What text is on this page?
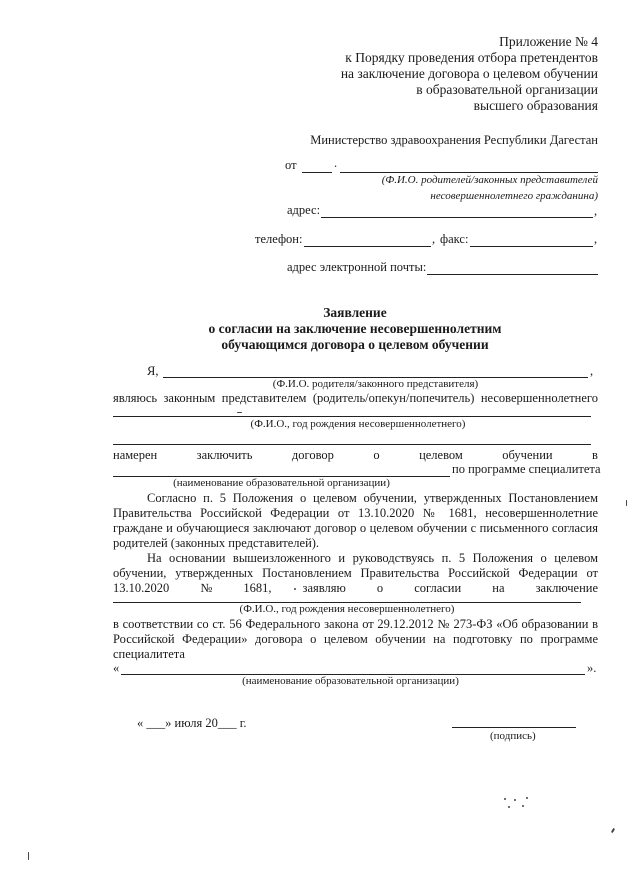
Приложение № 4
к Порядку проведения отбора претендентов
на заключение договора о целевом обучении
в образовательной организации
высшего образования
Министерство здравоохранения Республики Дагестан
от	.
(Ф.И.О. родителей/законных представителей
несовершеннолетнего гражданина)
адрес:	,
телефон:	, факс:	,
адрес электронной почты:
Заявление
о согласии на заключение несовершеннолетним
обучающимся договора о целевом обучении
Я,	,
(Ф.И.О. родителя/законного представителя)
являюсь законным представителем (родитель/опекун/попечитель) несовершеннолетнего
(Ф.И.О., год рождения несовершеннолетнего)
намерен	заключить	договор	о	целевом	обучении	в
по программе специалитета
(наименование образовательной организации)
Согласно п. 5 Положения о целевом обучении, утвержденных Постановлением
Правительства Российской Федерации от 13.10.2020 № 1681, несовершеннолетние
граждане и обучающиеся заключают договор о целевом обучении с письменного согласия
родителей (законных представителей).
На основании вышеизложенного и руководствуясь п. 5 Положения о целевом
обучении, утвержденных Постановлением Правительства Российской Федерации от
13.10.2020 № 1681, заявляю о согласии на заключение
(Ф.И.О., год рождения несовершеннолетнего)
в соответствии со ст. 56 Федерального закона от 29.12.2012 № 273-ФЗ «Об образовании в
Российской Федерации» договора о целевом обучении на подготовку по программе
специалитета
«	».
(наименование образовательной организации)
« ___» июля 20___ г.
(подпись)
